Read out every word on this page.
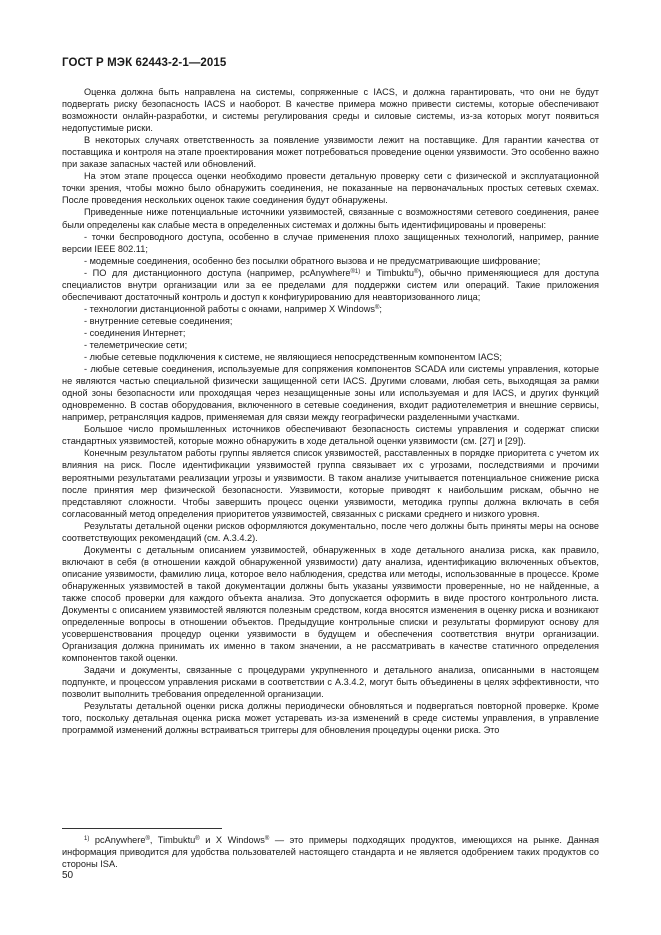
ГОСТ Р МЭК 62443-2-1—2015

Оценка должна быть направлена на системы, сопряженные с IACS, и должна гарантировать, что они не будут подвергать риску безопасность IACS и наоборот. В качестве примера можно привести системы, которые обеспечивают возможности онлайн-разработки, и системы регулирования среды и силовые системы, из-за которых могут появиться недопустимые риски.

В некоторых случаях ответственность за появление уязвимости лежит на поставщике. Для гарантии качества от поставщика и контроля на этапе проектирования может потребоваться проведение оценки уязвимости. Это особенно важно при заказе запасных частей или обновлений.

На этом этапе процесса оценки необходимо провести детальную проверку сети с физической и эксплуатационной точки зрения, чтобы можно было обнаружить соединения, не показанные на первоначальных простых сетевых схемах. После проведения нескольких оценок такие соединения будут обнаружены.

Приведенные ниже потенциальные источники уязвимостей, связанные с возможностями сетевого соединения, ранее были определены как слабые места в определенных системах и должны быть идентифицированы и проверены:

- точки беспроводного доступа, особенно в случае применения плохо защищенных технологий, например, ранние версии IEEE 802.11;

- модемные соединения, особенно без посылки обратного вызова и не предусматривающие шифрование;

- ПО для дистанционного доступа (например, pcAnywhere$^{®1)}$ и Timbuktu®), обычно применяющиеся для доступа специалистов внутри организации или за ее пределами для поддержки систем или операций. Такие приложения обеспечивают достаточный контроль и доступ к конфигурированию для неавторизованного лица;

- технологии дистанционной работы с окнами, например X Windows®;

- внутренние сетевые соединения;

- соединения Интернет;

- телеметрические сети;

- любые сетевые подключения к системе, не являющиеся непосредственным компонентом IACS;

- любые сетевые соединения, используемые для сопряжения компонентов SCADA или системы управления, которые не являются частью специальной физически защищенной сети IACS. Другими словами, любая сеть, выходящая за рамки одной зоны безопасности или проходящая через незащищенные зоны или используемая и для IACS, и других функций одновременно. В состав оборудования, включенного в сетевые соединения, входит радиотелеметрия и внешние сервисы, например, ретрансляция кадров, применяемая для связи между географически разделенными участками.

Большое число промышленных источников обеспечивают безопасность системы управления и содержат списки стандартных уязвимостей, которые можно обнаружить в ходе детальной оценки уязвимости (см. [27] и [29]).

Конечным результатом работы группы является список уязвимостей, расставленных в порядке приоритета с учетом их влияния на риск. После идентификации уязвимостей группа связывает их с угрозами, последствиями и прочими вероятными результатами реализации угрозы и уязвимости. В таком анализе учитывается потенциальное снижение риска после принятия мер физической безопасности. Уязвимости, которые приводят к наибольшим рискам, обычно не представляют сложности. Чтобы завершить процесс оценки уязвимости, методика группы должна включать в себя согласованный метод определения приоритетов уязвимостей, связанных с рисками среднего и низкого уровня.

Результаты детальной оценки рисков оформляются документально, после чего должны быть приняты меры на основе соответствующих рекомендаций (см. А.3.4.2).

Документы с детальным описанием уязвимостей, обнаруженных в ходе детального анализа риска, как правило, включают в себя (в отношении каждой обнаруженной уязвимости) дату анализа, идентификацию включенных объектов, описание уязвимости, фамилию лица, которое вело наблюдения, средства или методы, использованные в процессе. Кроме обнаруженных уязвимостей в такой документации должны быть указаны уязвимости проверенные, но не найденные, а также способ проверки для каждого объекта анализа. Это допускается оформить в виде простого контрольного листа. Документы с описанием уязвимостей являются полезным средством, когда вносятся изменения в оценку риска и возникают определенные вопросы в отношении объектов. Предыдущие контрольные списки и результаты формируют основу для усовершенствования процедур оценки уязвимости в будущем и обеспечения соответствия внутри организации. Организация должна принимать их именно в таком значении, а не рассматривать в качестве статичного определения компонентов такой оценки.

Задачи и документы, связанные с процедурами укрупненного и детального анализа, описанными в настоящем подпункте, и процессом управления рисками в соответствии с А.3.4.2, могут быть объединены в целях эффективности, что позволит выполнить требования определенной организации.

Результаты детальной оценки риска должны периодически обновляться и подвергаться повторной проверке. Кроме того, поскольку детальная оценка риска может устаревать из-за изменений в среде системы управления, в управление программой изменений должны встраиваться триггеры для обновления процедуры оценки риска. Это

$^{1)}$ pcAnywhere®, Timbuktu® и X Windows® — это примеры подходящих продуктов, имеющихся на рынке. Данная информация приводится для удобства пользователей настоящего стандарта и не является одобрением таких продуктов со стороны ISA.

50
